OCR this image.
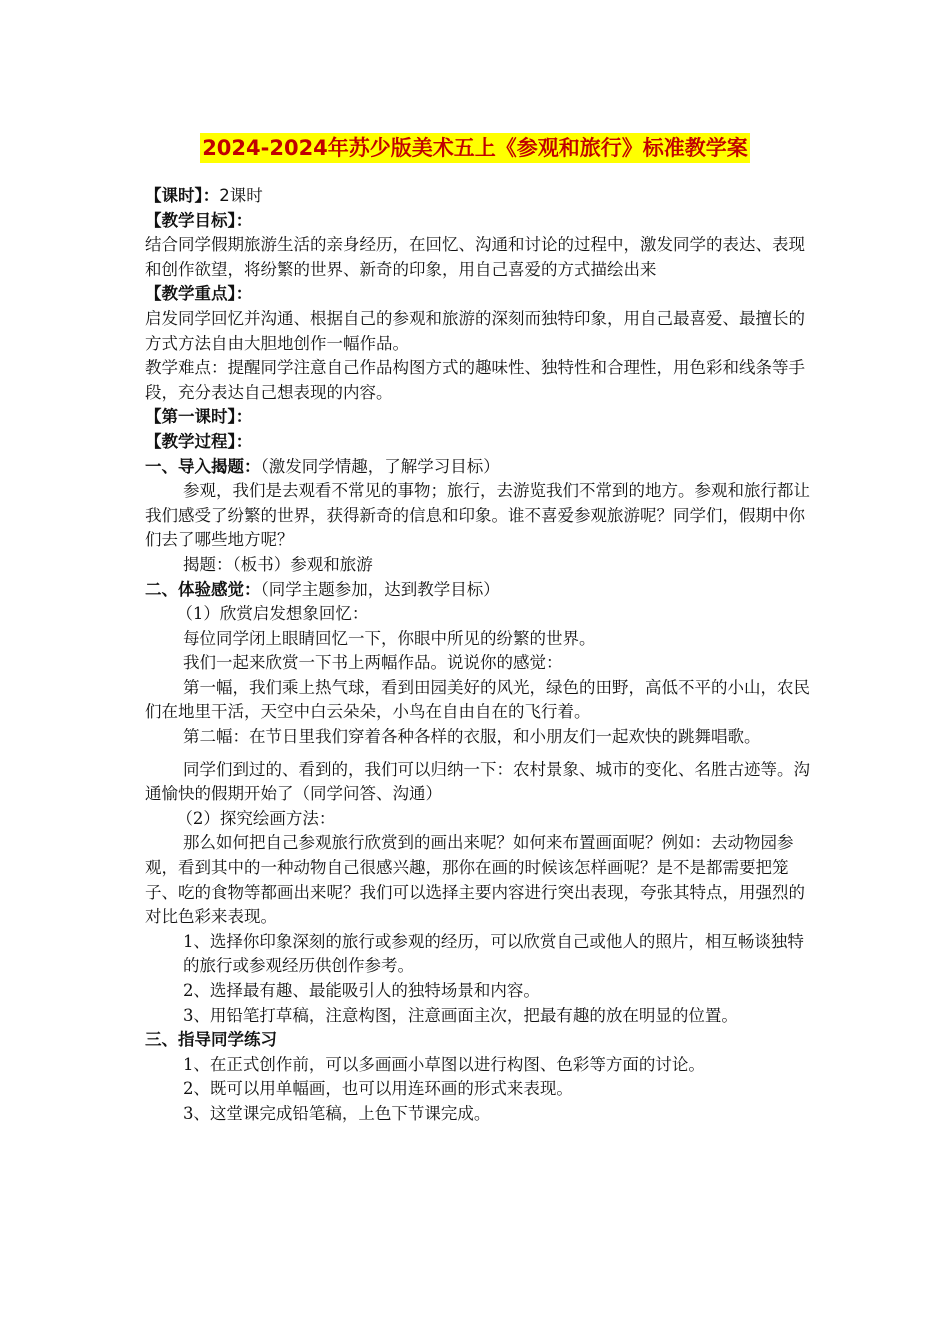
2024-2024年苏少版美术五上《参观和旅行》标准教学案

【课时】：2课时

【教学目标】：

结合同学假期旅游生活的亲身经历，在回忆、沟通和讨论的过程中，激发同学的表达、表现和创作欲望，将纷繁的世界、新奇的印象，用自己喜爱的方式描绘出来

【教学重点】：

启发同学回忆并沟通、根据自己的参观和旅游的深刻而独特印象，用自己最喜爱、最擅长的方式方法自由大胆地创作一幅作品。

教学难点：提醒同学注意自己作品构图方式的趣味性、独特性和合理性，用色彩和线条等手段，充分表达自己想表现的内容。

【第一课时】：

【教学过程】：

一、导入揭题：（激发同学情趣，了解学习目标）

参观，我们是去观看不常见的事物；旅行，去游览我们不常到的地方。参观和旅行都让我们感受了纷繁的世界，获得新奇的信息和印象。谁不喜爱参观旅游呢？同学们，假期中你们去了哪些地方呢？

揭题：（板书）参观和旅游

二、体验感觉：（同学主题参加，达到教学目标）

（1）欣赏启发想象回忆：

每位同学闭上眼睛回忆一下，你眼中所见的纷繁的世界。

我们一起来欣赏一下书上两幅作品。说说你的感觉：

第一幅，我们乘上热气球，看到田园美好的风光，绿色的田野，高低不平的小山，农民们在地里干活，天空中白云朵朵，小鸟在自由自在的飞行着。

第二幅：在节日里我们穿着各种各样的衣服，和小朋友们一起欢快的跳舞唱歌。

同学们到过的、看到的，我们可以归纳一下：农村景象、城市的变化、名胜古迹等。沟通愉快的假期开始了（同学问答、沟通）

（2）探究绘画方法：

那么如何把自己参观旅行欣赏到的画出来呢？如何来布置画面呢？例如：去动物园参观，看到其中的一种动物自己很感兴趣，那你在画的时候该怎样画呢？是不是都需要把笼子、吃的食物等都画出来呢？我们可以选择主要内容进行突出表现，夸张其特点，用强烈的对比色彩来表现。

1、选择你印象深刻的旅行或参观的经历，可以欣赏自己或他人的照片，相互畅谈独特的旅行或参观经历供创作参考。

2、选择最有趣、最能吸引人的独特场景和内容。

3、用铅笔打草稿，注意构图，注意画面主次，把最有趣的放在明显的位置。

三、指导同学练习

1、在正式创作前，可以多画画小草图以进行构图、色彩等方面的讨论。

2、既可以用单幅画，也可以用连环画的形式来表现。

3、这堂课完成铅笔稿，上色下节课完成。
